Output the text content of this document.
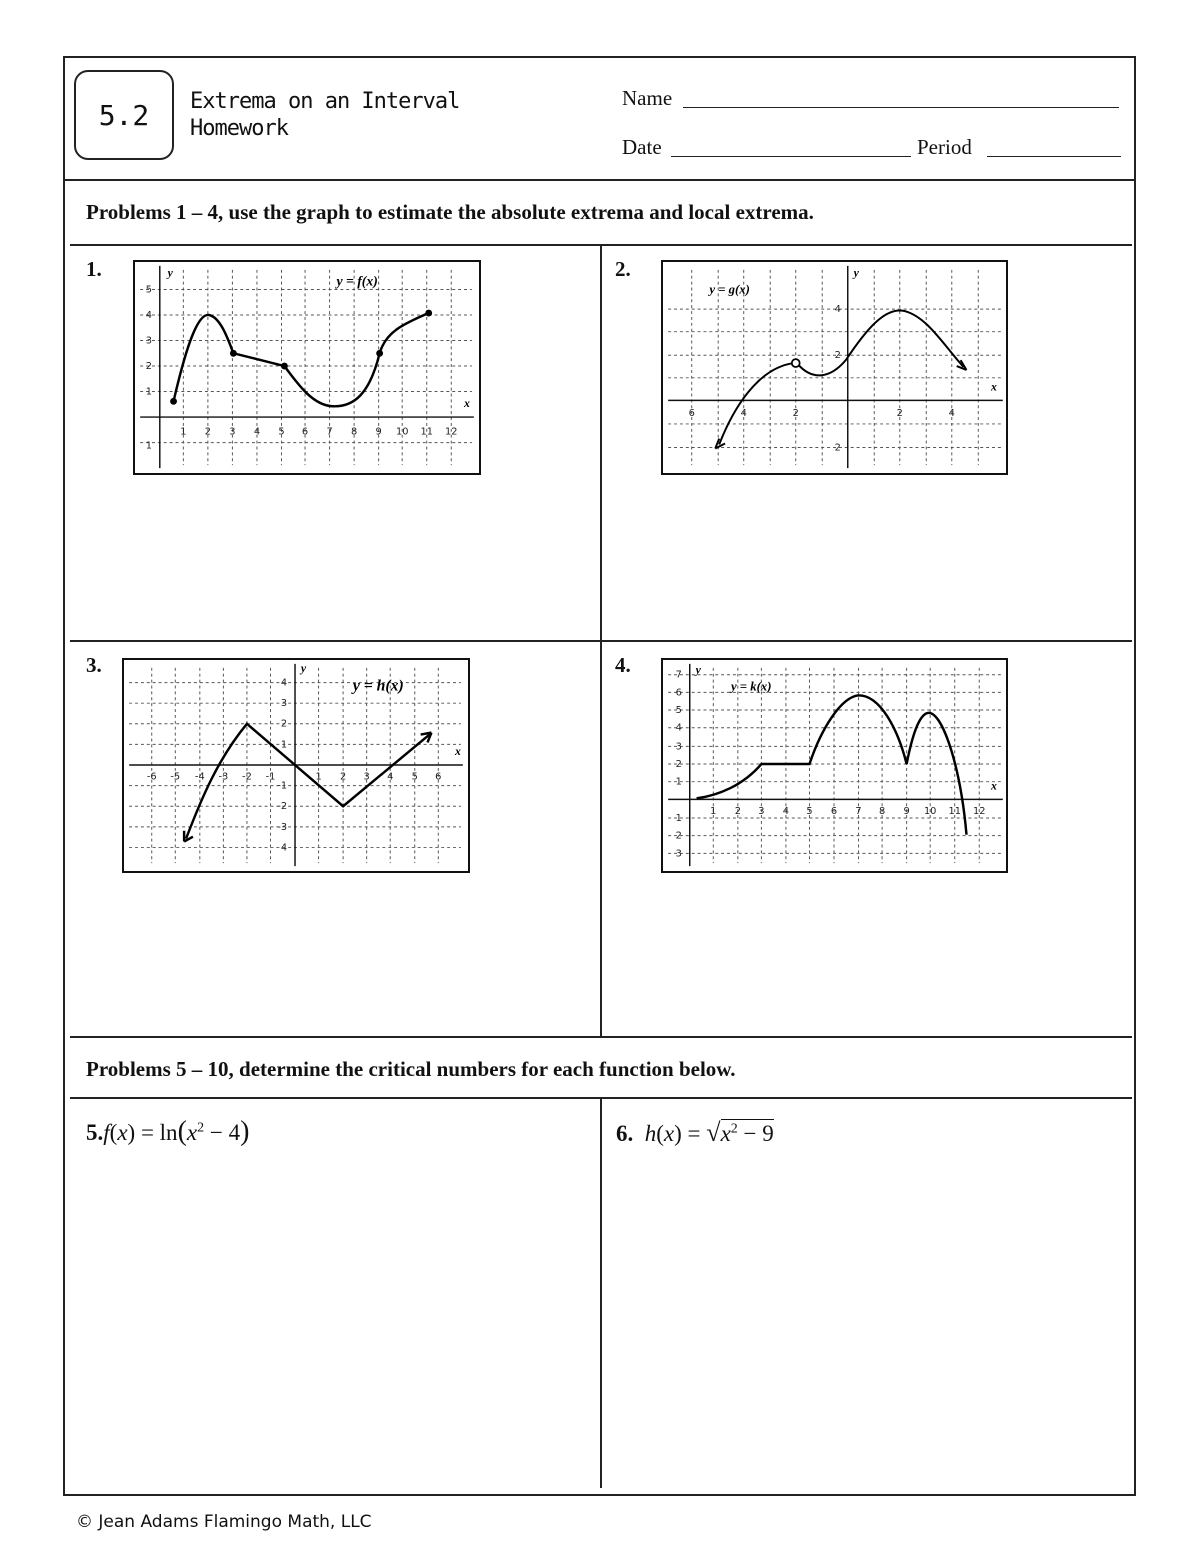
5.2 Extrema on an Interval
Homework
Name
Date	Period
Problems 1 – 4, use the graph to estimate the absolute extrema and local extrema.
1.
1 2 3 4 5 6 7 8 9 10 11 12
5
4
3
2
1
1
y
x
y = f(x)
2.
6	4	2	2	4
4
2
2
y
x
y = g(x)
3.
-6 -5 -4 -3 -2 -1	1 2 3 4 5 6
4
3
2
1
-1
-2
-3
4
y
x
y = h(x)
4.
1 2 3 4 5 6 7 8 9 10 11 12
7
6
5
4
3
2
1
1
2
3
y
x
y = k(x)
Problems 5 – 10, determine the critical numbers for each function below.
$5.f(x) = \ln(x^2 - 4)$	6. $h(x) = √x^2 - 9$
© Jean Adams Flamingo Math, LLC
